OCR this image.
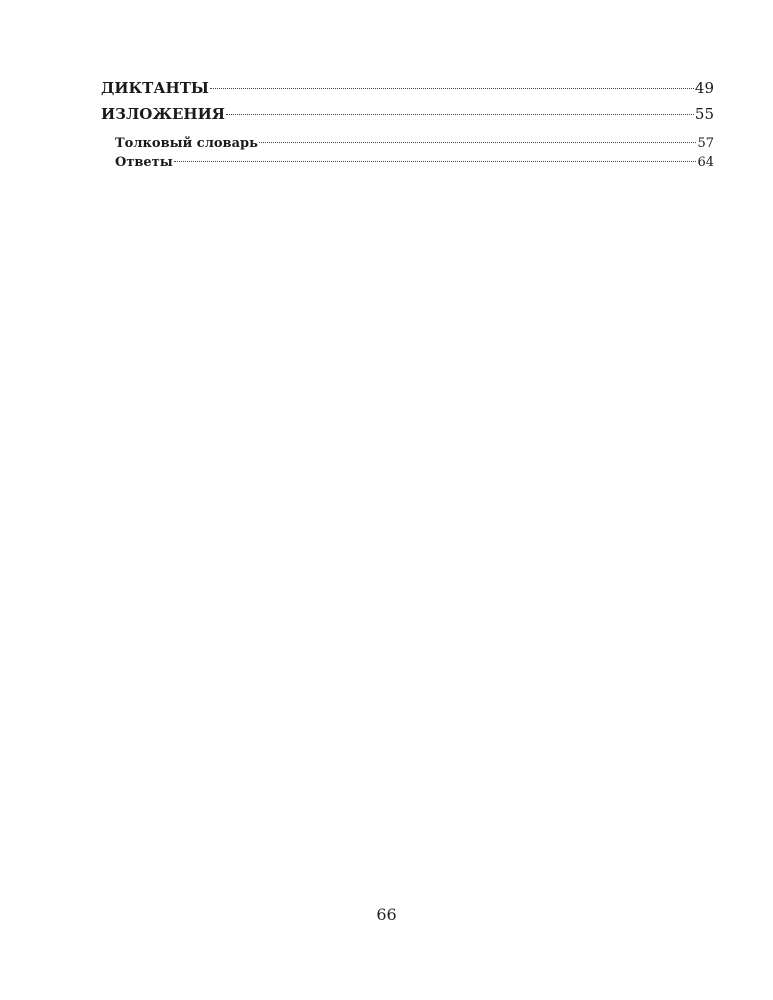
ДИКТАНТЫ	49
ИЗЛОЖЕНИЯ	55
Толковый словарь	57
Ответы	64
66
